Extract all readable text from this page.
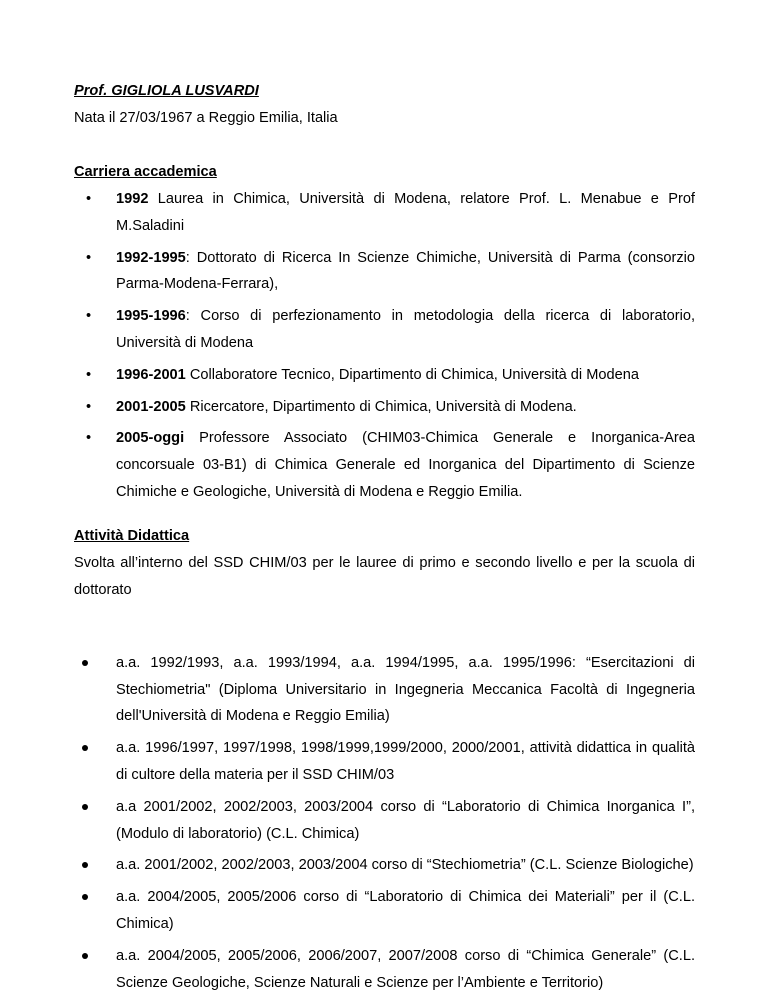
Prof. GIGLIOLA LUSVARDI

Nata il 27/03/1967 a Reggio Emilia, Italia

Carriera accademica

• 1992 Laurea in Chimica, Università di Modena, relatore Prof. L. Menabue e Prof M.Saladini
• 1992-1995: Dottorato di Ricerca In Scienze Chimiche, Università di Parma (consorzio Parma-Modena-Ferrara),
• 1995-1996: Corso di perfezionamento in metodologia della ricerca di laboratorio, Università di Modena
• 1996-2001 Collaboratore Tecnico, Dipartimento di Chimica, Università di Modena
• 2001-2005 Ricercatore, Dipartimento di Chimica, Università di Modena.
• 2005-oggi Professore Associato (CHIM03-Chimica Generale e Inorganica-Area concorsuale 03-B1) di Chimica Generale ed Inorganica del Dipartimento di Scienze Chimiche e Geologiche, Università di Modena e Reggio Emilia.

Attività Didattica

Svolta all’interno del SSD CHIM/03 per le lauree di primo e secondo livello e per la scuola di dottorato

a.a. 1992/1993, a.a. 1993/1994, a.a. 1994/1995, a.a. 1995/1996: “Esercitazioni di Stechiometria" (Diploma Universitario in Ingegneria Meccanica Facoltà di Ingegneria dell'Università di Modena e Reggio Emilia)
a.a. 1996/1997, 1997/1998, 1998/1999,1999/2000, 2000/2001, attività didattica in qualità di cultore della materia per il SSD CHIM/03
a.a 2001/2002, 2002/2003, 2003/2004 corso di “Laboratorio di Chimica Inorganica I”, (Modulo di laboratorio) (C.L. Chimica)
a.a. 2001/2002, 2002/2003, 2003/2004 corso di “Stechiometria” (C.L. Scienze Biologiche)
a.a. 2004/2005, 2005/2006 corso di “Laboratorio di Chimica dei Materiali” per il (C.L. Chimica)
a.a. 2004/2005, 2005/2006, 2006/2007, 2007/2008 corso di “Chimica Generale” (C.L. Scienze Geologiche, Scienze Naturali e Scienze per l’Ambiente e Territorio)
